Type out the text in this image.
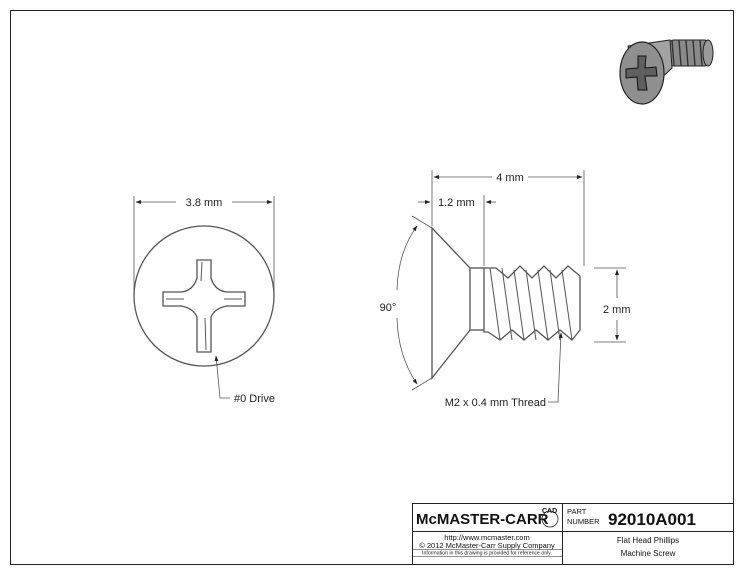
3.8 mm
#0 Drive
4 mm
1.2 mm
90°	2 mm
M2 x 0.4 mm Thread
McMASTER-CARR
CAD PART
NUMBER 92010A001
http://www.mcmaster.com
© 2012 McMaster-Carr Supply Company
Information in this drawing is provided for reference only.
Flat Head Phillips
Machine Screw
